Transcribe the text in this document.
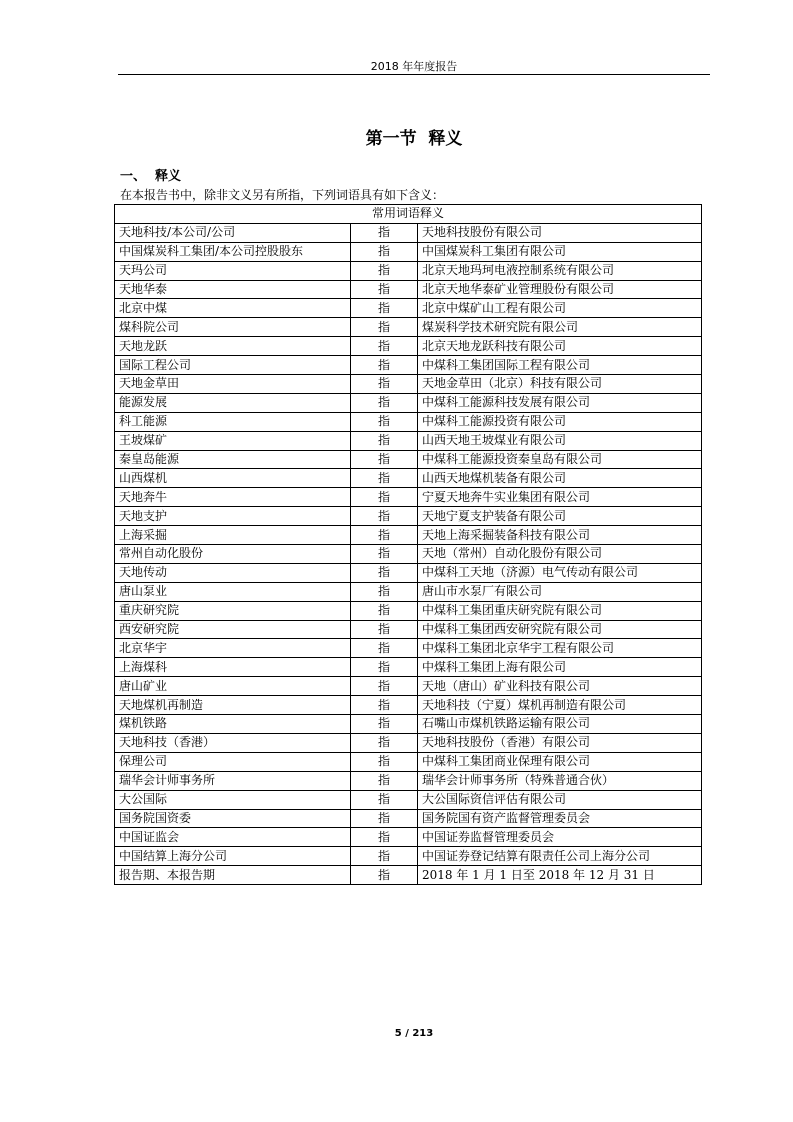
2018 年年度报告
第一节  释义
一、  释义
在本报告书中，除非文义另有所指，下列词语具有如下含义：
常用词语释义		
天地科技/本公司/公司	指	天地科技股份有限公司
中国煤炭科工集团/本公司控股股东	指	中国煤炭科工集团有限公司
天玛公司	指	北京天地玛珂电液控制系统有限公司
天地华泰	指	北京天地华泰矿业管理股份有限公司
北京中煤	指	北京中煤矿山工程有限公司
煤科院公司	指	煤炭科学技术研究院有限公司
天地龙跃	指	北京天地龙跃科技有限公司
国际工程公司	指	中煤科工集团国际工程有限公司
天地金草田	指	天地金草田（北京）科技有限公司
能源发展	指	中煤科工能源科技发展有限公司
科工能源	指	中煤科工能源投资有限公司
王坡煤矿	指	山西天地王坡煤业有限公司
秦皇岛能源	指	中煤科工能源投资秦皇岛有限公司
山西煤机	指	山西天地煤机装备有限公司
天地奔牛	指	宁夏天地奔牛实业集团有限公司
天地支护	指	天地宁夏支护装备有限公司
上海采掘	指	天地上海采掘装备科技有限公司
常州自动化股份	指	天地（常州）自动化股份有限公司
天地传动	指	中煤科工天地（济源）电气传动有限公司
唐山泵业	指	唐山市水泵厂有限公司
重庆研究院	指	中煤科工集团重庆研究院有限公司
西安研究院	指	中煤科工集团西安研究院有限公司
北京华宇	指	中煤科工集团北京华宇工程有限公司
上海煤科	指	中煤科工集团上海有限公司
唐山矿业	指	天地（唐山）矿业科技有限公司
天地煤机再制造	指	天地科技（宁夏）煤机再制造有限公司
煤机铁路	指	石嘴山市煤机铁路运输有限公司
天地科技（香港）	指	天地科技股份（香港）有限公司
保理公司	指	中煤科工集团商业保理有限公司
瑞华会计师事务所	指	瑞华会计师事务所（特殊普通合伙）
大公国际	指	大公国际资信评估有限公司
国务院国资委	指	国务院国有资产监督管理委员会
中国证监会	指	中国证券监督管理委员会
中国结算上海分公司	指	中国证券登记结算有限责任公司上海分公司
报告期、本报告期	指	2018 年 1 月 1 日至 2018 年 12 月 31 日
5 / 213
